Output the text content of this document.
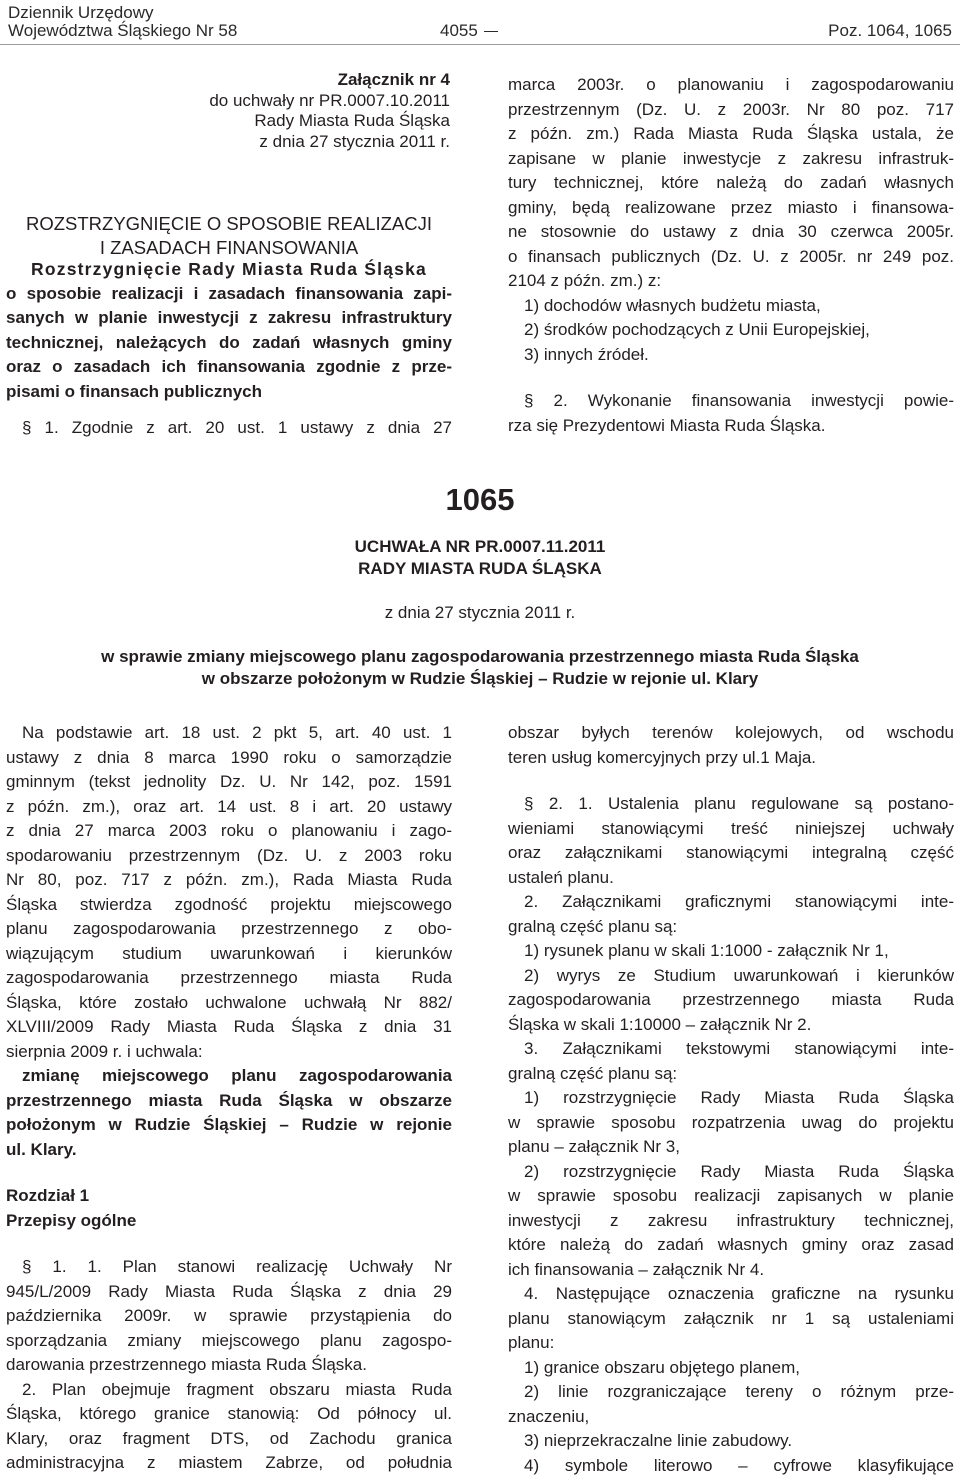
Dziennik Urzędowy
Województwa Śląskiego Nr 58	4055	Poz. 1064, 1065

Załącznik nr 4

do uchwały nr PR.0007.10.2011

Rady Miasta Ruda Śląska

z dnia 27 stycznia 2011 r.

ROZSTRZYGNIĘCIE O SPOSOBIE REALIZACJI

I ZASADACH FINANSOWANIA

Rozstrzygnięcie Rady Miasta Ruda Śląska

o sposobie realizacji i zasadach finansowania zapi-

sanych w planie inwestycji z zakresu infrastruktury

technicznej, należących do zadań własnych gminy

oraz o zasadach ich finansowania zgodnie z prze-

pisami o finansach publicznych

§ 1. Zgodnie z art. 20 ust. 1 ustawy z dnia 27

marca 2003r. o planowaniu i zagospodarowaniu

przestrzennym (Dz. U. z 2003r. Nr 80 poz. 717

z późn. zm.) Rada Miasta Ruda Śląska ustala, że

zapisane w planie inwestycje z zakresu infrastruk-

tury technicznej, które należą do zadań własnych

gminy, będą realizowane przez miasto i finansowa-

ne stosownie do ustawy z dnia 30 czerwca 2005r.

o finansach publicznych (Dz. U. z 2005r. nr 249 poz.

2104 z późn. zm.) z:

1) dochodów własnych budżetu miasta,

2) środków pochodzących z Unii Europejskiej,

3) innych źródeł.

§ 2. Wykonanie finansowania inwestycji powie-

rza się Prezydentowi Miasta Ruda Śląska.

1065

UCHWAŁA NR PR.0007.11.2011

RADY MIASTA RUDA ŚLĄSKA

z dnia 27 stycznia 2011 r.

w sprawie zmiany miejscowego planu zagospodarowania przestrzennego miasta Ruda Śląska

w obszarze położonym w Rudzie Śląskiej – Rudzie w rejonie ul. Klary

Na podstawie art. 18 ust. 2 pkt 5, art. 40 ust. 1

ustawy z dnia 8 marca 1990 roku o samorządzie

gminnym (tekst jednolity Dz. U. Nr 142, poz. 1591

z późn. zm.), oraz art. 14 ust. 8 i art. 20 ustawy

z dnia 27 marca 2003 roku o planowaniu i zago-

spodarowaniu przestrzennym (Dz. U. z 2003 roku

Nr 80, poz. 717 z późn. zm.), Rada Miasta Ruda

Śląska stwierdza zgodność projektu miejscowego

planu zagospodarowania przestrzennego z obo-

wiązującym studium uwarunkowań i kierunków

zagospodarowania przestrzennego miasta Ruda

Śląska, które zostało uchwalone uchwałą Nr 882/

XLVIII/2009 Rady Miasta Ruda Śląska z dnia 31

sierpnia 2009 r. i uchwala:

zmianę miejscowego planu zagospodarowania

przestrzennego miasta Ruda Śląska w obszarze

położonym w Rudzie Śląskiej – Rudzie w rejonie

ul. Klary.

Rozdział 1

Przepisy ogólne

§ 1. 1. Plan stanowi realizację Uchwały Nr

945/L/2009 Rady Miasta Ruda Śląska z dnia 29

października 2009r. w sprawie przystąpienia do

sporządzania zmiany miejscowego planu zagospo-

darowania przestrzennego miasta Ruda Śląska.

2. Plan obejmuje fragment obszaru miasta Ruda

Śląska, którego granice stanowią: Od północy ul.

Klary, oraz fragment DTS, od Zachodu granica

administracyjna z miastem Zabrze, od południa

obszar byłych terenów kolejowych, od wschodu

teren usług komercyjnych przy ul.1 Maja.

§ 2. 1. Ustalenia planu regulowane są postano-

wieniami stanowiącymi treść niniejszej uchwały

oraz załącznikami stanowiącymi integralną część

ustaleń planu.

2. Załącznikami graficznymi stanowiącymi inte-

gralną część planu są:

1) rysunek planu w skali 1:1000 - załącznik Nr 1,

2) wyrys ze Studium uwarunkowań i kierunków

zagospodarowania przestrzennego miasta Ruda

Śląska w skali 1:10000 – załącznik Nr 2.

3. Załącznikami tekstowymi stanowiącymi inte-

gralną część planu są:

1) rozstrzygnięcie Rady Miasta Ruda Śląska

w sprawie sposobu rozpatrzenia uwag do projektu

planu – załącznik Nr 3,

2) rozstrzygnięcie Rady Miasta Ruda Śląska

w sprawie sposobu realizacji zapisanych w planie

inwestycji z zakresu infrastruktury technicznej,

które należą do zadań własnych gminy oraz zasad

ich finansowania – załącznik Nr 4.

4. Następujące oznaczenia graficzne na rysunku

planu stanowiącym załącznik nr 1 są ustaleniami

planu:

1) granice obszaru objętego planem,

2) linie rozgraniczające tereny o różnym prze-

znaczeniu,

3) nieprzekraczalne linie zabudowy.

4) symbole literowo – cyfrowe klasyfikujące
